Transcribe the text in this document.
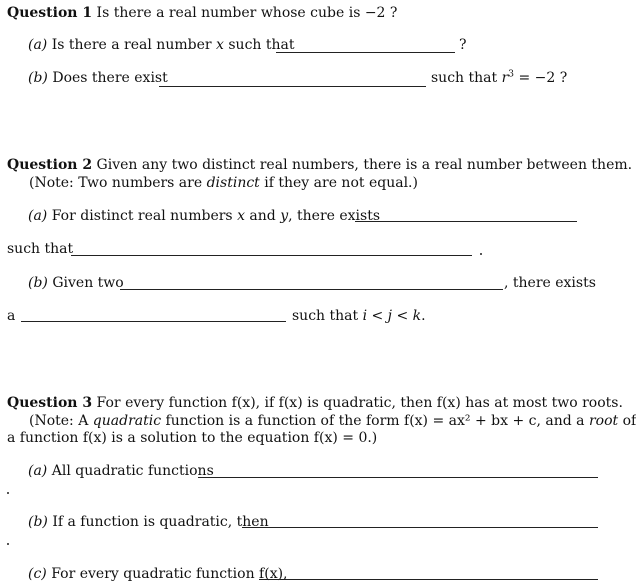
Question 1 Is there a real number whose cube is −2 ?
(a) Is there a real number x such that	?
(b) Does there exist	such that $r^3 = -2$ ?
Question 2 Given any two distinct real numbers, there is a real number between them.
(Note: Two numbers are distinct if they are not equal.)
(a) For distinct real numbers x and y, there exists
such that
(b) Given two	, there exists
a	such that i < j < k.
Question 3 For every function f(x), if f(x) is quadratic, then f(x) has at most two roots.
(Note: A quadratic function is a function of the form f(x) = ax² + bx + c, and a root of
a function f(x) is a solution to the equation f(x) = 0.)
(a) All quadratic functions
(b) If a function is quadratic, then
(c) For every quadratic function f(x),
